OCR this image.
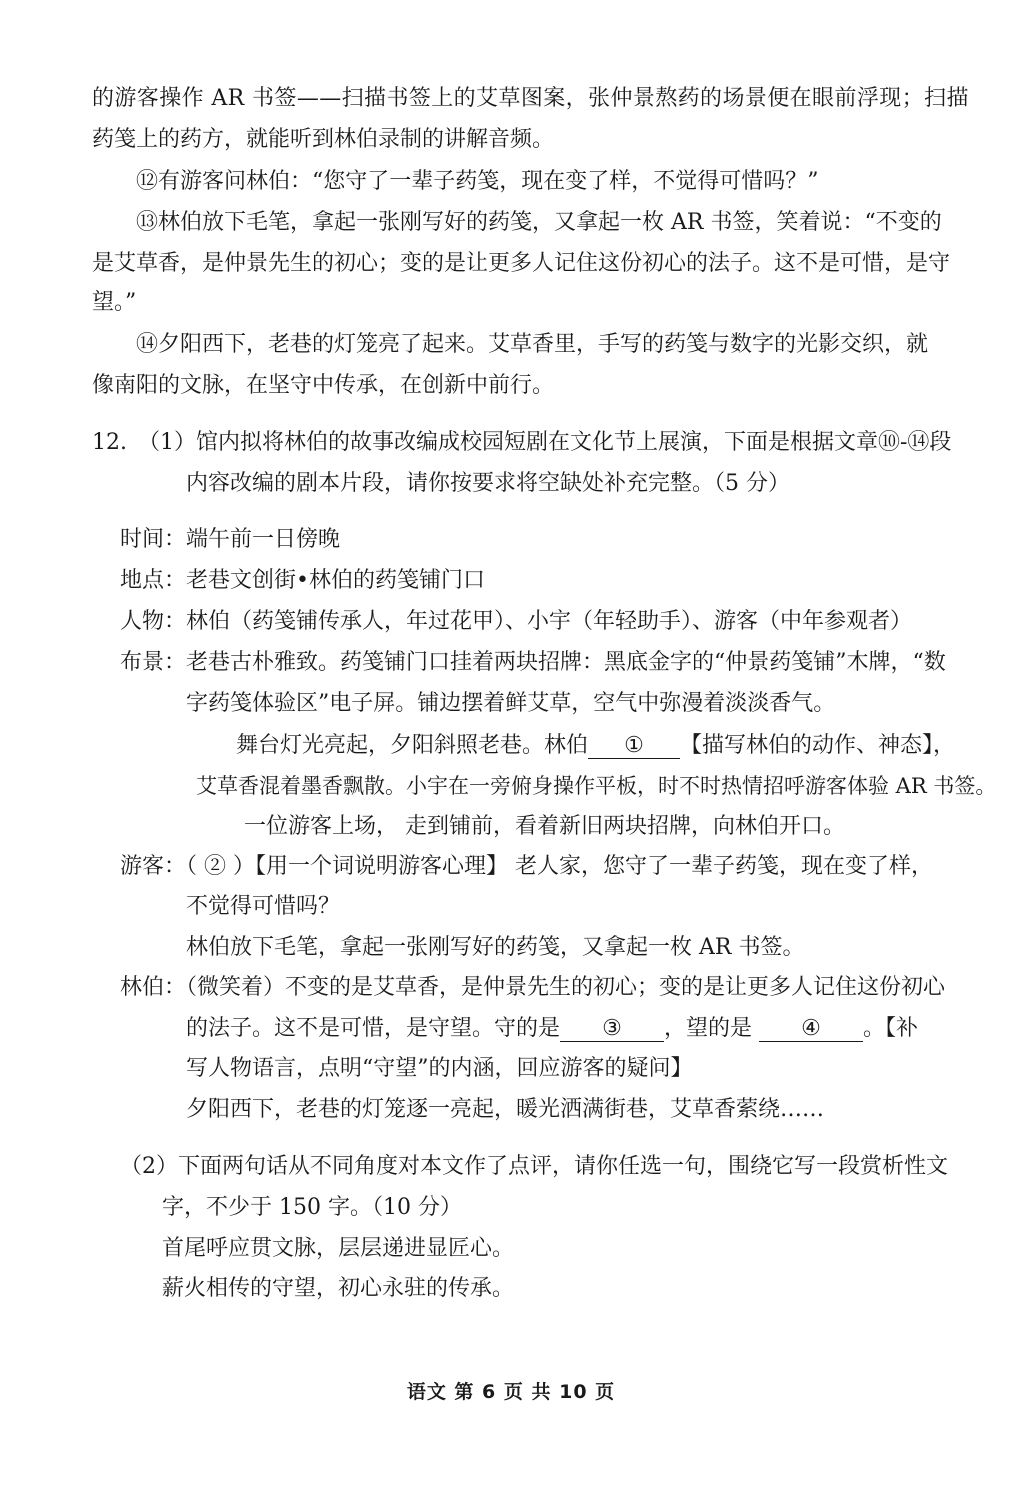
的游客操作 AR 书签——扫描书签上的艾草图案，张仲景熬药的场景便在眼前浮现；扫描

药笺上的药方，就能听到林伯录制的讲解音频。

⑫有游客问林伯：“您守了一辈子药笺，现在变了样，不觉得可惜吗？”

⑬林伯放下毛笔，拿起一张刚写好的药笺，又拿起一枚 AR 书签，笑着说：“不变的

是艾草香，是仲景先生的初心；变的是让更多人记住这份初心的法子。这不是可惜，是守

望。”

⑭夕阳西下，老巷的灯笼亮了起来。艾草香里，手写的药笺与数字的光影交织，就

像南阳的文脉，在坚守中传承，在创新中前行。

12. （1）馆内拟将林伯的故事改编成校园短剧在文化节上展演，下面是根据文章⑩-⑭段

内容改编的剧本片段，请你按要求将空缺处补充完整。（5 分）

时间：端午前一日傍晚

地点：老巷文创街•林伯的药笺铺门口

人物：林伯（药笺铺传承人，年过花甲）、小宇（年轻助手）、游客（中年参观者）

布景：老巷古朴雅致。药笺铺门口挂着两块招牌：黑底金字的“仲景药笺铺”木牌，“数

字药笺体验区”电子屏。铺边摆着鲜艾草，空气中弥漫着淡淡香气。

舞台灯光亮起，夕阳斜照老巷。林伯 ① 【描写林伯的动作、神态】，

艾草香混着墨香飘散。小宇在一旁俯身操作平板，时不时热情招呼游客体验 AR 书签。

一位游客上场， 走到铺前，看着新旧两块招牌，向林伯开口。

游客：（ ② ）【用一个词说明游客心理】 老人家，您守了一辈子药笺，现在变了样，

不觉得可惜吗？

林伯放下毛笔，拿起一张刚写好的药笺，又拿起一枚 AR 书签。

林伯：（微笑着）不变的是艾草香，是仲景先生的初心；变的是让更多人记住这份初心

的法子。这不是可惜，是守望。守的是 ③ ，望的是 ④ 。【补

写人物语言，点明“守望”的内涵，回应游客的疑问】

夕阳西下，老巷的灯笼逐一亮起，暖光洒满街巷，艾草香萦绕……

（2）下面两句话从不同角度对本文作了点评，请你任选一句，围绕它写一段赏析性文

字，不少于 150 字。（10 分）

首尾呼应贯文脉，层层递进显匠心。

薪火相传的守望，初心永驻的传承。

语文 第 6 页 共 10 页
